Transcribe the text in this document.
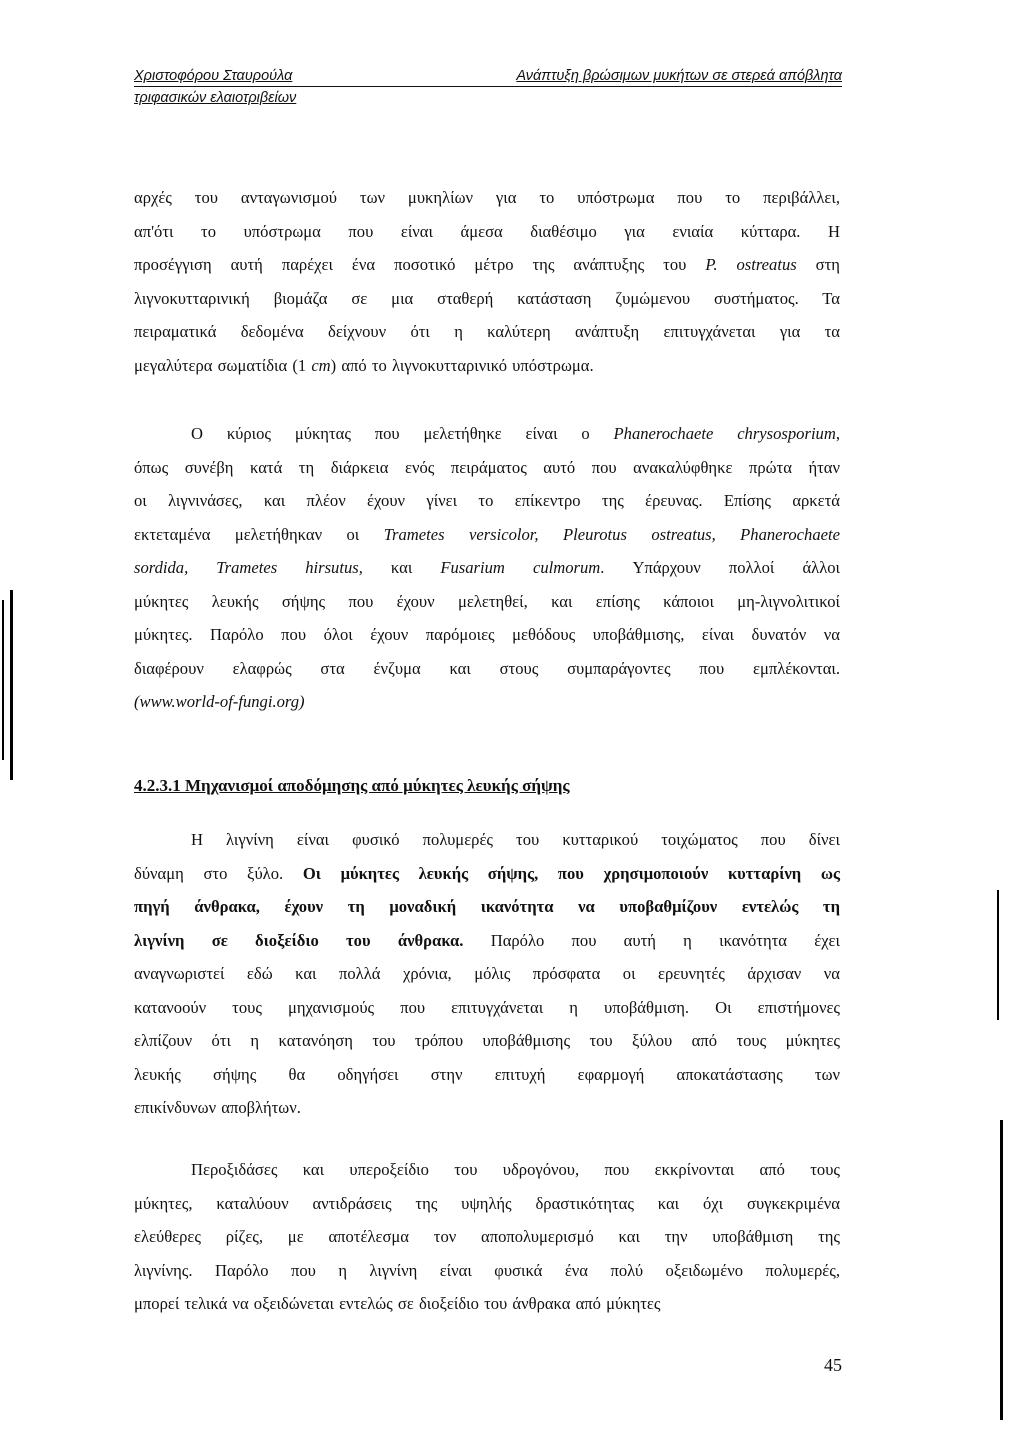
Χριστοφόρου Σταυρούλα	Ανάπτυξη βρώσιμων μυκήτων σε στερεά απόβλητα
τριφασικών ελαιοτριβείων
αρχές του ανταγωνισμού των μυκηλίων για το υπόστρωμα που το περιβάλλει,
απ'ότι το υπόστρωμα που είναι άμεσα διαθέσιμο για ενιαία κύτταρα. Η
προσέγγιση αυτή παρέχει ένα ποσοτικό μέτρο της ανάπτυξης του P. ostreatus στη
λιγνοκυτταρινική βιομάζα σε μια σταθερή κατάσταση ζυμώμενου συστήματος. Τα
πειραματικά δεδομένα δείχνουν ότι η καλύτερη ανάπτυξη επιτυγχάνεται για τα
μεγαλύτερα σωματίδια (1 cm) από το λιγνοκυτταρινικό υπόστρωμα.
Ο κύριος μύκητας που μελετήθηκε είναι ο Phanerochaete chrysosporium,
όπως συνέβη κατά τη διάρκεια ενός πειράματος αυτό που ανακαλύφθηκε πρώτα ήταν
οι λιγνινάσες, και πλέον έχουν γίνει το επίκεντρο της έρευνας. Επίσης αρκετά
εκτεταμένα μελετήθηκαν οι Trametes versicolor, Pleurotus ostreatus, Phanerochaete
sordida, Trametes hirsutus, και Fusarium culmorum. Υπάρχουν πολλοί άλλοι
μύκητες λευκής σήψης που έχουν μελετηθεί, και επίσης κάποιοι μη-λιγνολιτικοί
μύκητες. Παρόλο που όλοι έχουν παρόμοιες μεθόδους υποβάθμισης, είναι δυνατόν να
διαφέρουν ελαφρώς στα ένζυμα και στους συμπαράγοντες που εμπλέκονται.
(www.world-of-fungi.org)

4.2.3.1 Μηχανισμοί αποδόμησης από μύκητες λευκής σήψης

Η λιγνίνη είναι φυσικό πολυμερές του κυτταρικού τοιχώματος που δίνει
δύναμη στο ξύλο. Οι μύκητες λευκής σήψης, που χρησιμοποιούν κυτταρίνη ως
πηγή άνθρακα, έχουν τη μοναδική ικανότητα να υποβαθμίζουν εντελώς τη
λιγνίνη σε διοξείδιο του άνθρακα. Παρόλο που αυτή η ικανότητα έχει
αναγνωριστεί εδώ και πολλά χρόνια, μόλις πρόσφατα οι ερευνητές άρχισαν να
κατανοούν τους μηχανισμούς που επιτυγχάνεται η υποβάθμιση. Οι επιστήμονες
ελπίζουν ότι η κατανόηση του τρόπου υποβάθμισης του ξύλου από τους μύκητες
λευκής σήψης θα οδηγήσει στην επιτυχή εφαρμογή αποκατάστασης των
επικίνδυνων αποβλήτων.
Περοξιδάσες και υπεροξείδιο του υδρογόνου, που εκκρίνονται από τους
μύκητες, καταλύουν αντιδράσεις της υψηλής δραστικότητας και όχι συγκεκριμένα
ελεύθερες ρίζες, με αποτέλεσμα τον αποπολυμερισμό και την υποβάθμιση της
λιγνίνης. Παρόλο που η λιγνίνη είναι φυσικά ένα πολύ οξειδωμένο πολυμερές,
μπορεί τελικά να οξειδώνεται εντελώς σε διοξείδιο του άνθρακα από μύκητες

45
